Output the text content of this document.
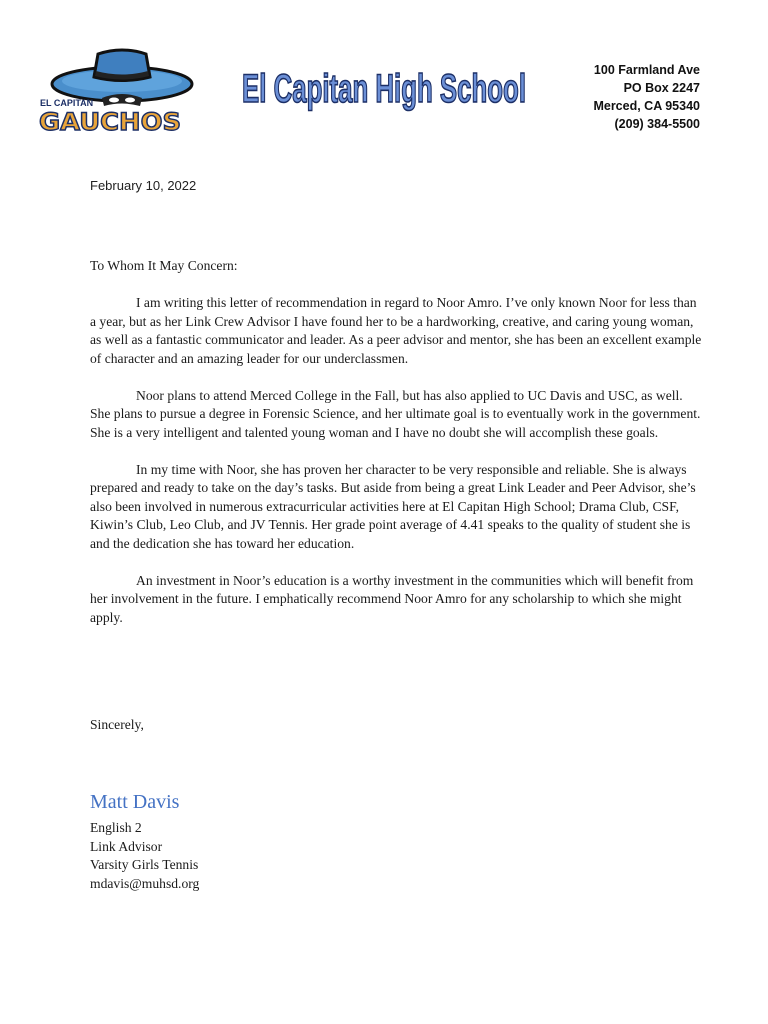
EL CAPITAN
GAUCHOS
El Capitan High School	100 Farmland Ave
PO Box 2247
Merced, CA 95340
(209) 384-5500
February 10, 2022

To Whom It May Concern:

I am writing this letter of recommendation in regard to Noor Amro. I’ve only known Noor for less than a year, but as her Link Crew Advisor I have found her to be a hardworking, creative, and caring young woman, as well as a fantastic communicator and leader. As a peer advisor and mentor, she has been an excellent example of character and an amazing leader for our underclassmen.

Noor plans to attend Merced College in the Fall, but has also applied to UC Davis and USC, as well. She plans to pursue a degree in Forensic Science, and her ultimate goal is to eventually work in the government. She is a very intelligent and talented young woman and I have no doubt she will accomplish these goals.

In my time with Noor, she has proven her character to be very responsible and reliable. She is always prepared and ready to take on the day’s tasks. But aside from being a great Link Leader and Peer Advisor, she’s also been involved in numerous extracurricular activities here at El Capitan High School; Drama Club, CSF, Kiwin’s Club, Leo Club, and JV Tennis. Her grade point average of 4.41 speaks to the quality of student she is and the dedication she has toward her education.

An investment in Noor’s education is a worthy investment in the communities which will benefit from her involvement in the future. I emphatically recommend Noor Amro for any scholarship to which she might apply.

Sincerely,
Matt Davis
English 2
Link Advisor
Varsity Girls Tennis
mdavis@muhsd.org
